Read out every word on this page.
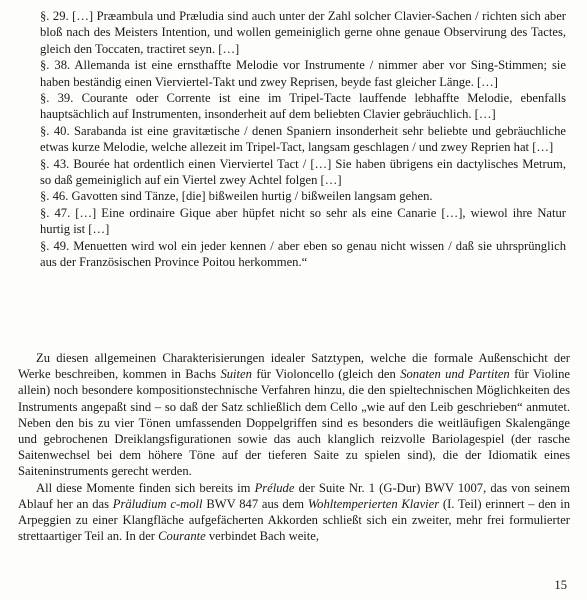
§. 29. […] Præambula und Præludia sind auch unter der Zahl solcher Clavier-Sachen / richten sich aber bloß nach des Meisters Intention, und wollen gemeiniglich gerne ohne genaue Observirung des Tactes, gleich den Toccaten, tractiret seyn. […]

§. 38. Allemanda ist eine ernsthaffte Melodie vor Instrumente / nimmer aber vor Sing-Stimmen; sie haben beständig einen Vierviertel-Takt und zwey Reprisen, beyde fast gleicher Länge. […]

§. 39. Courante oder Corrente ist eine im Tripel-Tacte lauffende lebhaffte Melodie, ebenfalls hauptsächlich auf Instrumenten, insonderheit auf dem beliebten Clavier gebräuchlich. […]

§. 40. Sarabanda ist eine gravitætische / denen Spaniern insonderheit sehr beliebte und gebräuchliche etwas kurze Melodie, welche allezeit im Tripel-Tact, langsam geschlagen / und zwey Reprien hat […]

§. 43. Bourée hat ordentlich einen Vierviertel Tact / […] Sie haben übrigens ein dactylisches Metrum, so daß gemeiniglich auf ein Viertel zwey Achtel folgen […]

§. 46. Gavotten sind Tänze, [die] bißweilen hurtig / bißweilen langsam gehen.

§. 47. […] Eine ordinaire Gique aber hüpfet nicht so sehr als eine Canarie […], wiewol ihre Natur hurtig ist […]

§. 49. Menuetten wird wol ein jeder kennen / aber eben so genau nicht wissen / daß sie uhrsprünglich aus der Französischen Province Poitou herkommen.“

Zu diesen allgemeinen Charakterisierungen idealer Satztypen, welche die formale Außenschicht der Werke beschreiben, kommen in Bachs Suiten für Violoncello (gleich den Sonaten und Partiten für Violine allein) noch besondere kompositionstechnische Verfahren hinzu, die den spieltechnischen Möglichkeiten des Instruments angepaßt sind – so daß der Satz schließlich dem Cello „wie auf den Leib geschrieben“ anmutet. Neben den bis zu vier Tönen umfassenden Doppelgriffen sind es besonders die weitläufigen Skalengänge und gebrochenen Dreiklangsfigurationen sowie das auch klanglich reizvolle Bariolagespiel (der rasche Saitenwechsel bei dem höhere Töne auf der tieferen Saite zu spielen sind), die der Idiomatik eines Saiteninstruments gerecht werden.

All diese Momente finden sich bereits im Prélude der Suite Nr. 1 (G-Dur) BWV 1007, das von seinem Ablauf her an das Präludium c-moll BWV 847 aus dem Wohltemperierten Klavier (I. Teil) erinnert – den in Arpeggien zu einer Klangfläche aufgefächerten Akkorden schließt sich ein zweiter, mehr frei formulierter strettaartiger Teil an. In der Courante verbindet Bach weite,

15
